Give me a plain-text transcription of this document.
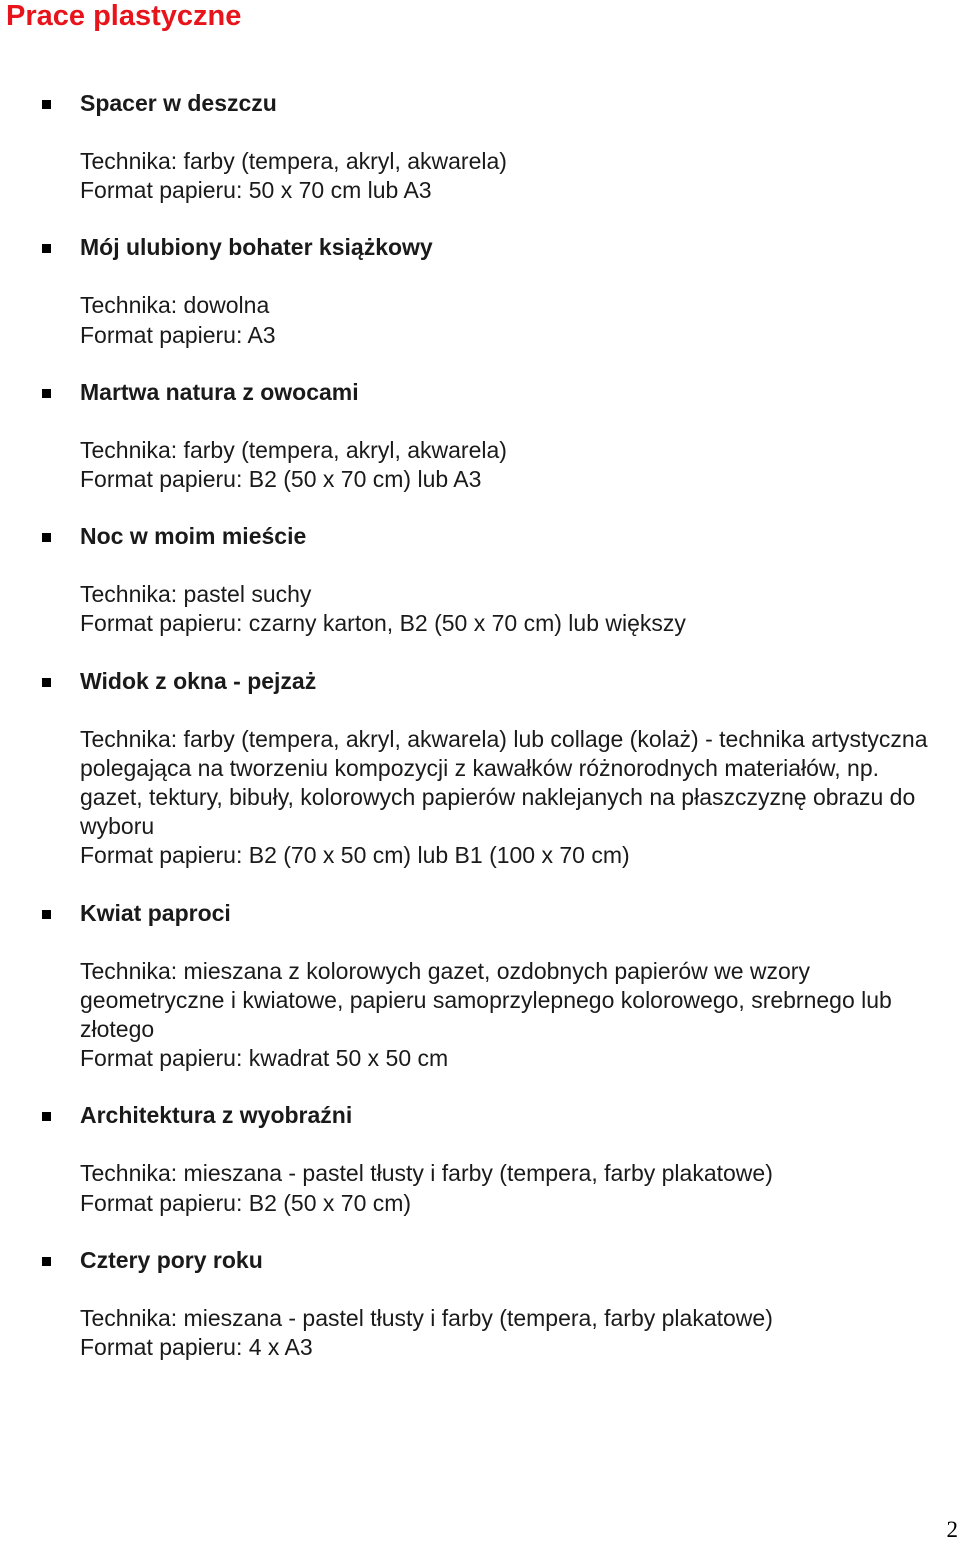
Prace plastyczne
Spacer w deszczu

Technika: farby (tempera, akryl, akwarela)

Format papieru: 50 x 70 cm lub A3

Mój ulubiony bohater książkowy

Technika: dowolna

Format papieru: A3

Martwa natura z owocami

Technika: farby (tempera, akryl, akwarela)

Format papieru: B2 (50 x 70 cm) lub A3

Noc w moim mieście

Technika: pastel suchy

Format papieru: czarny karton, B2 (50 x 70 cm) lub większy

Widok z okna - pejzaż

Technika: farby (tempera, akryl, akwarela) lub collage (kolaż) - technika artystyczna polegająca na tworzeniu kompozycji z kawałków różnorodnych materiałów, np. gazet, tektury, bibuły, kolorowych papierów naklejanych na płaszczyznę obrazu do wyboru

Format papieru: B2 (70 x 50 cm) lub B1 (100 x 70 cm)

Kwiat paproci

Technika: mieszana z kolorowych gazet, ozdobnych papierów we wzory geometryczne i kwiatowe, papieru samoprzylepnego kolorowego, srebrnego lub złotego

Format papieru: kwadrat 50 x 50 cm

Architektura z wyobraźni

Technika: mieszana - pastel tłusty i farby (tempera, farby plakatowe)

Format papieru: B2 (50 x 70 cm)

Cztery pory roku

Technika: mieszana - pastel tłusty i farby (tempera, farby plakatowe)

Format papieru: 4 x A3

2
